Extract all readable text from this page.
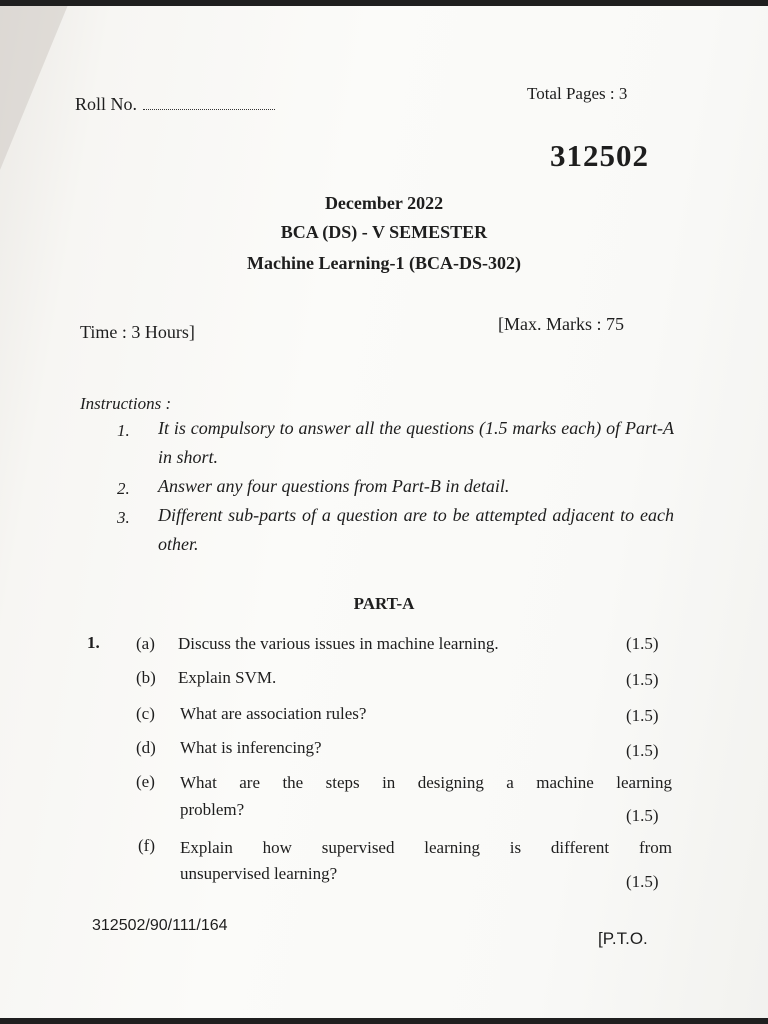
Roll No.
Total Pages : 3
312502
December 2022
BCA (DS) - V SEMESTER
Machine Learning-1 (BCA-DS-302)
Time : 3 Hours]	[Max. Marks : 75
Instructions :
1. It is compulsory to answer all the questions (1.5 marks each) of Part-A in short.
2. Answer any four questions from Part-B in detail.
3. Different sub-parts of a question are to be attempted adjacent to each other.
PART-A
1. (a) Discuss the various issues in machine learning.	(1.5)
(b) Explain SVM.	(1.5)
(c) What are association rules?	(1.5)
(d) What is inferencing?	(1.5)
(e) What are the steps in designing a machine learning
problem?	(1.5)
(f) Explain how supervised learning is different from
unsupervised learning?	(1.5)
312502/90/111/164
[P.T.O.
